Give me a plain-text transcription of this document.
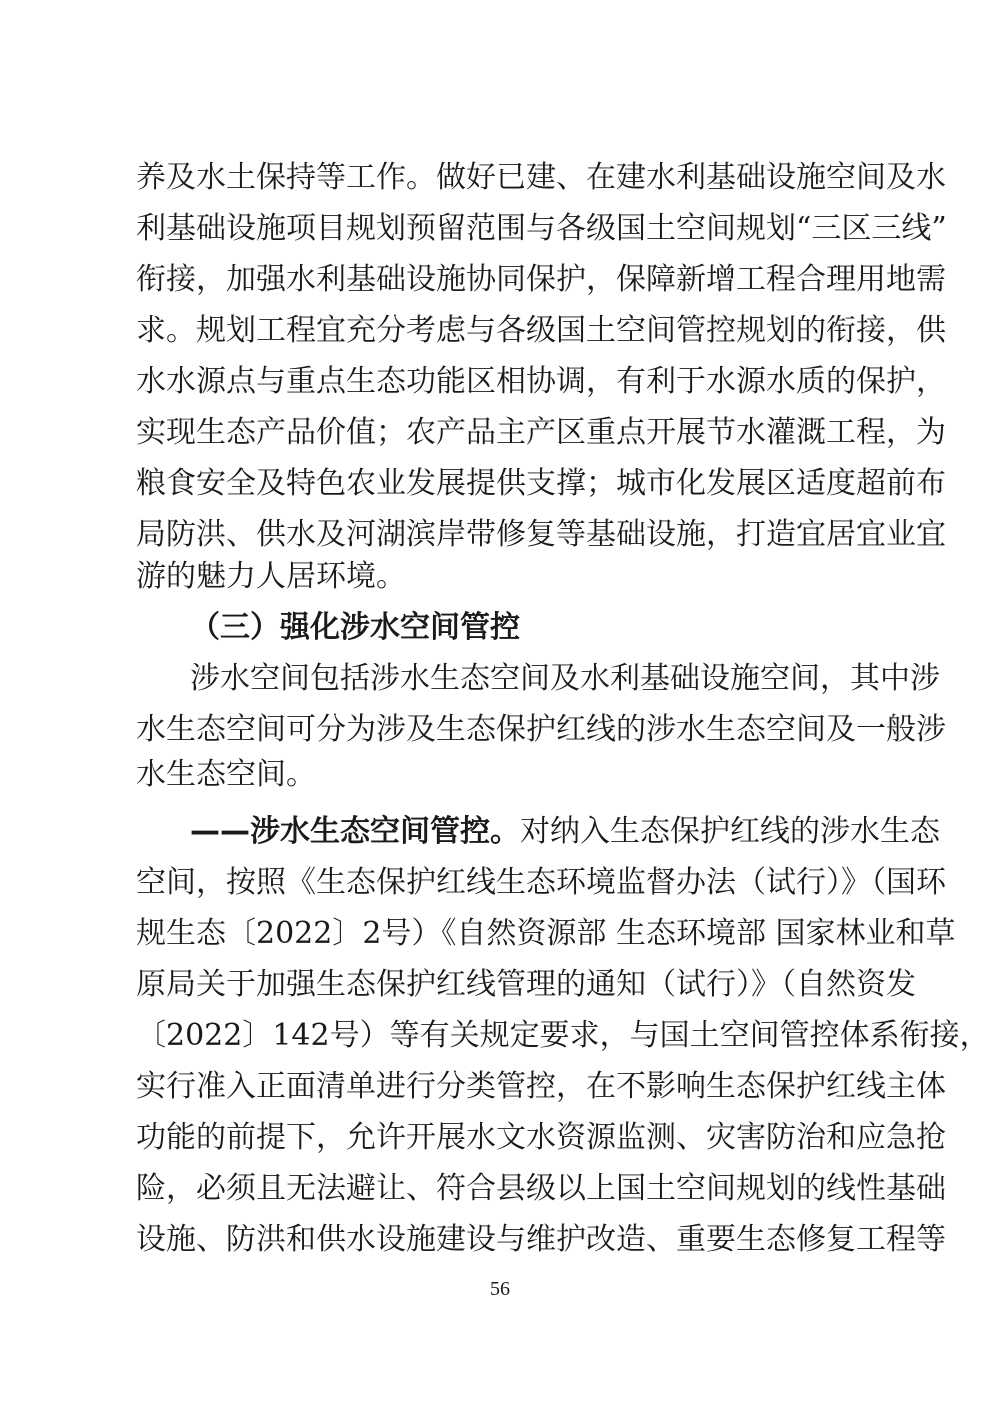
养及水土保持等工作。做好已建、在建水利基础设施空间及水
利基础设施项目规划预留范围与各级国土空间规划“三区三线”
衔接，加强水利基础设施协同保护，保障新增工程合理用地需
求。规划工程宜充分考虑与各级国土空间管控规划的衔接，供
水水源点与重点生态功能区相协调，有利于水源水质的保护，
实现生态产品价值；农产品主产区重点开展节水灌溉工程，为
粮食安全及特色农业发展提供支撑；城市化发展区适度超前布
局防洪、供水及河湖滨岸带修复等基础设施，打造宜居宜业宜
游的魅力人居环境。
（三）强化涉水空间管控
涉水空间包括涉水生态空间及水利基础设施空间，其中涉
水生态空间可分为涉及生态保护红线的涉水生态空间及一般涉
水生态空间。
——涉水生态空间管控。对纳入生态保护红线的涉水生态
空间，按照《生态保护红线生态环境监督办法（试行）》（国环
规生态〔2022〕2号）《自然资源部 生态环境部 国家林业和草
原局关于加强生态保护红线管理的通知（试行）》（自然资发
〔2022〕142号）等有关规定要求，与国土空间管控体系衔接，
实行准入正面清单进行分类管控，在不影响生态保护红线主体
功能的前提下，允许开展水文水资源监测、灾害防治和应急抢
险，必须且无法避让、符合县级以上国土空间规划的线性基础
设施、防洪和供水设施建设与维护改造、重要生态修复工程等
56
